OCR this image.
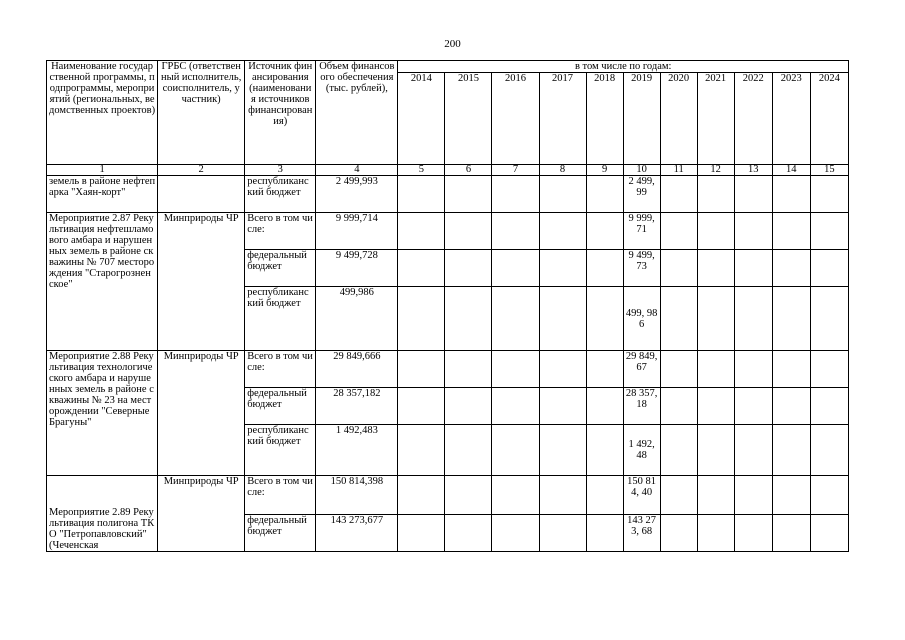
200
Наименование государственной программы, подпрограммы, мероприятий (региональных, ведомственных проектов)	ГРБС (ответственный исполнитель, соисполнитель, участник)	Источник финансирования (наименования источников финансирования)	Объем финансового обеспечения (тыс. рублей),	в том числе по годам:										
				2014	2015	2016	2017	2018	2019	2020	2021	2022	2023	2024
1	2	3	4	5	6	7	8	9	10	11	12	13	14	15
земель в районе нефтепарка "Хаян-корт"		республиканский бюджет	2 499,993						2 499, 99					
Мероприятие 2.87 Рекультивация нефтешламового амбара и нарушенных земель в районе скважины № 707 месторождения "Старогрозненское"	Минприроды ЧР	Всего в том числе:	9 999,714						9 999, 71					
		федеральный бюджет	9 499,728						9 499, 73					
		республиканский бюджет	499,986						499, 986					
Мероприятие 2.88 Рекультивация технологического амбара и нарушенных земель в районе скважины № 23 на месторождении "Северные Брагуны"	Минприроды ЧР	Всего в том числе:	29 849,666						29 849, 67					
		федеральный бюджет	28 357,182						28 357, 18					
		республиканский бюджет	1 492,483						1 492, 48					
Мероприятие 2.89 Рекультивация полигона ТКО "Петропавловский" (Чеченская	Минприроды ЧР	Всего в том числе:	150 814,398						150 814, 40					
		федеральный бюджет	143 273,677						143 273, 68					
